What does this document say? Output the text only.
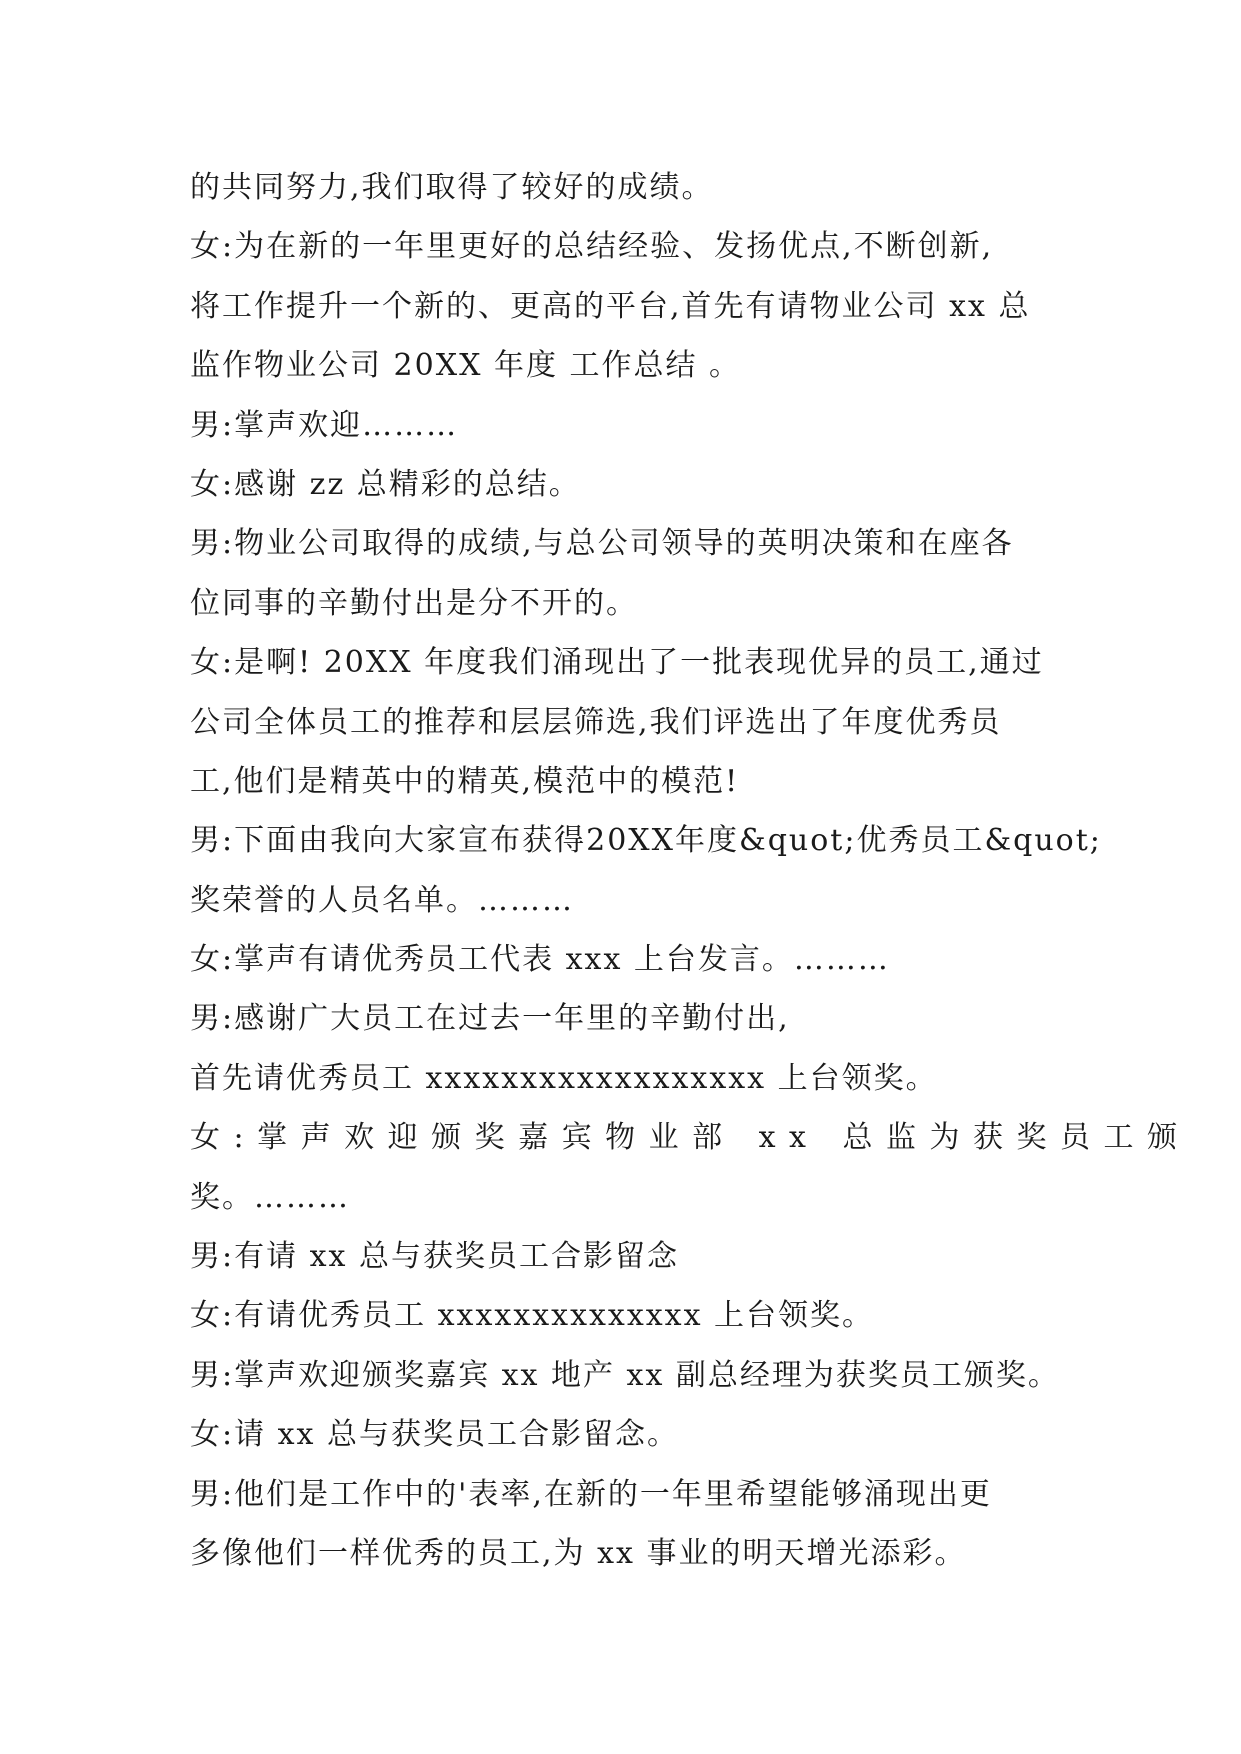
的共同努力,我们取得了较好的成绩。
女:为在新的一年里更好的总结经验、发扬优点,不断创新,
将工作提升一个新的、更高的平台,首先有请物业公司 xx 总
监作物业公司 20XX 年度 工作总结 。
男:掌声欢迎………
女:感谢 zz 总精彩的总结。
男:物业公司取得的成绩,与总公司领导的英明决策和在座各
位同事的辛勤付出是分不开的。
女:是啊! 20XX 年度我们涌现出了一批表现优异的员工,通过
公司全体员工的推荐和层层筛选,我们评选出了年度优秀员
工,他们是精英中的精英,模范中的模范!
男:下面由我向大家宣布获得20XX年度&quot;优秀员工&quot;
奖荣誉的人员名单。………
女:掌声有请优秀员工代表 xxx 上台发言。………
男:感谢广大员工在过去一年里的辛勤付出,
首先请优秀员工 xxxxxxxxxxxxxxxxxx 上台领奖。
女:掌声欢迎颁奖嘉宾物业部 xx 总监为获奖员工颁
奖。………
男:有请 xx 总与获奖员工合影留念
女:有请优秀员工 xxxxxxxxxxxxxx 上台领奖。
男:掌声欢迎颁奖嘉宾 xx 地产 xx 副总经理为获奖员工颁奖。
女:请 xx 总与获奖员工合影留念。
男:他们是工作中的'表率,在新的一年里希望能够涌现出更
多像他们一样优秀的员工,为 xx 事业的明天增光添彩。
